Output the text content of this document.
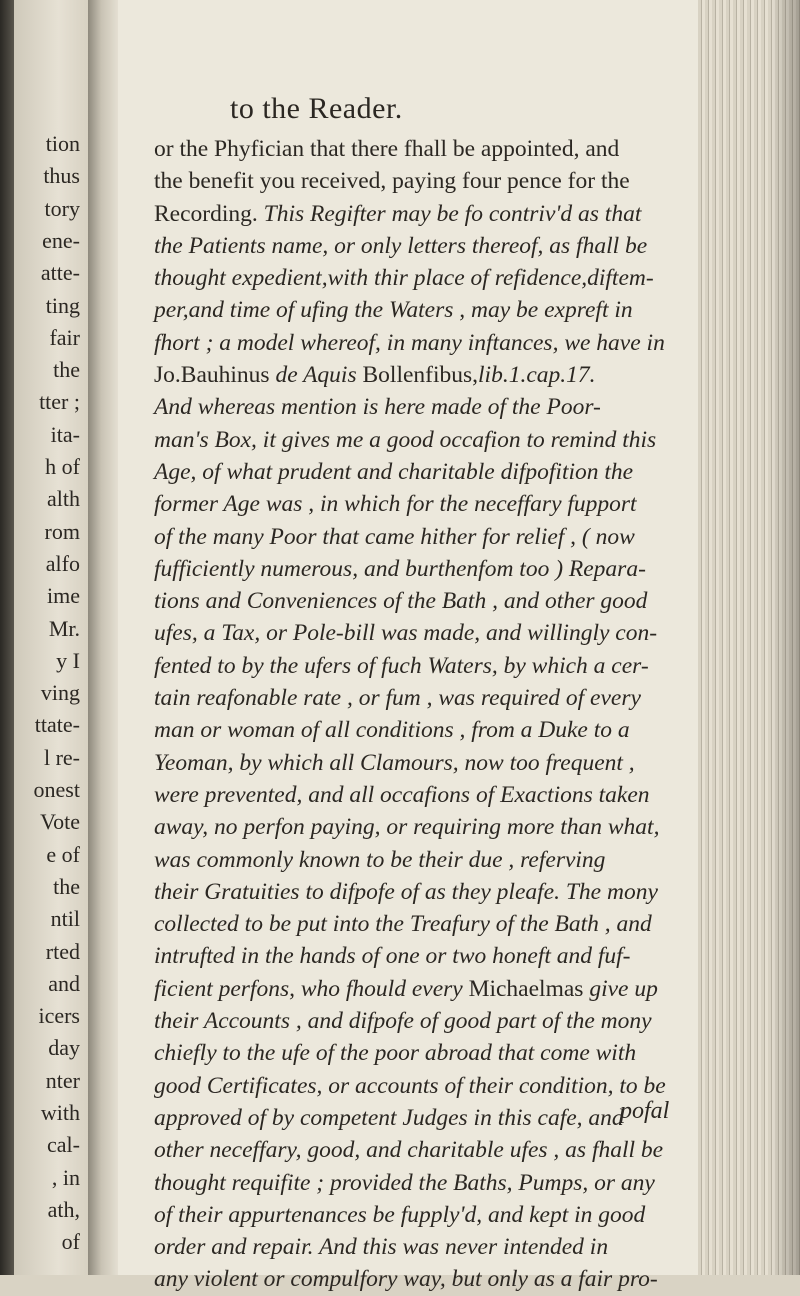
tion
thus
tory
ene-
atte-
ting
fair
the
tter ;
ita-
h of
alth
rom
alfo
ime
Mr.
y I
ving
ttate-
l re-
onest
Vote
e of
the
ntil
rted
and
icers
day
nter
with
cal-
, in
ath,
of
to the Reader.
or the Phyfician that there fhall be appointed, and
the benefit you received, paying four pence for the
Recording. This Regifter may be fo contriv'd as that
the Patients name, or only letters thereof, as fhall be
thought expedient,with thir place of refidence,diftem-
per,and time of ufing the Waters , may be expreft in
fhort ; a model whereof, in many inftances, we have in
Jo.Bauhinus de Aquis Bollenfibus,lib.1.cap.17.
And whereas mention is here made of the Poor-
man's Box, it gives me a good occafion to remind this
Age, of what prudent and charitable difpofition the
former Age was , in which for the neceffary fupport
of the many Poor that came hither for relief , ( now
fufficiently numerous, and burthenfom too ) Repara-
tions and Conveniences of the Bath , and other good
ufes, a Tax, or Pole-bill was made, and willingly con-
fented to by the ufers of fuch Waters, by which a cer-
tain reafonable rate , or fum , was required of every
man or woman of all conditions , from a Duke to a
Yeoman, by which all Clamours, now too frequent ,
were prevented, and all occafions of Exactions taken
away, no perfon paying, or requiring more than what,
was commonly known to be their due , referving
their Gratuities to difpofe of as they pleafe. The mony
collected to be put into the Treafury of the Bath , and
intrufted in the hands of one or two honeft and fuf-
ficient perfons, who fhould every Michaelmas give up
their Accounts , and difpofe of good part of the mony
chiefly to the ufe of the poor abroad that come with
good Certificates, or accounts of their condition, to be
approved of by competent Judges in this cafe, and
other neceffary, good, and charitable ufes , as fhall be
thought requifite ; provided the Baths, Pumps, or any
of their appurtenances be fupply'd, and kept in good
order and repair. And this was never intended in
any violent or compulfory way, but only as a fair pro-
pofal
